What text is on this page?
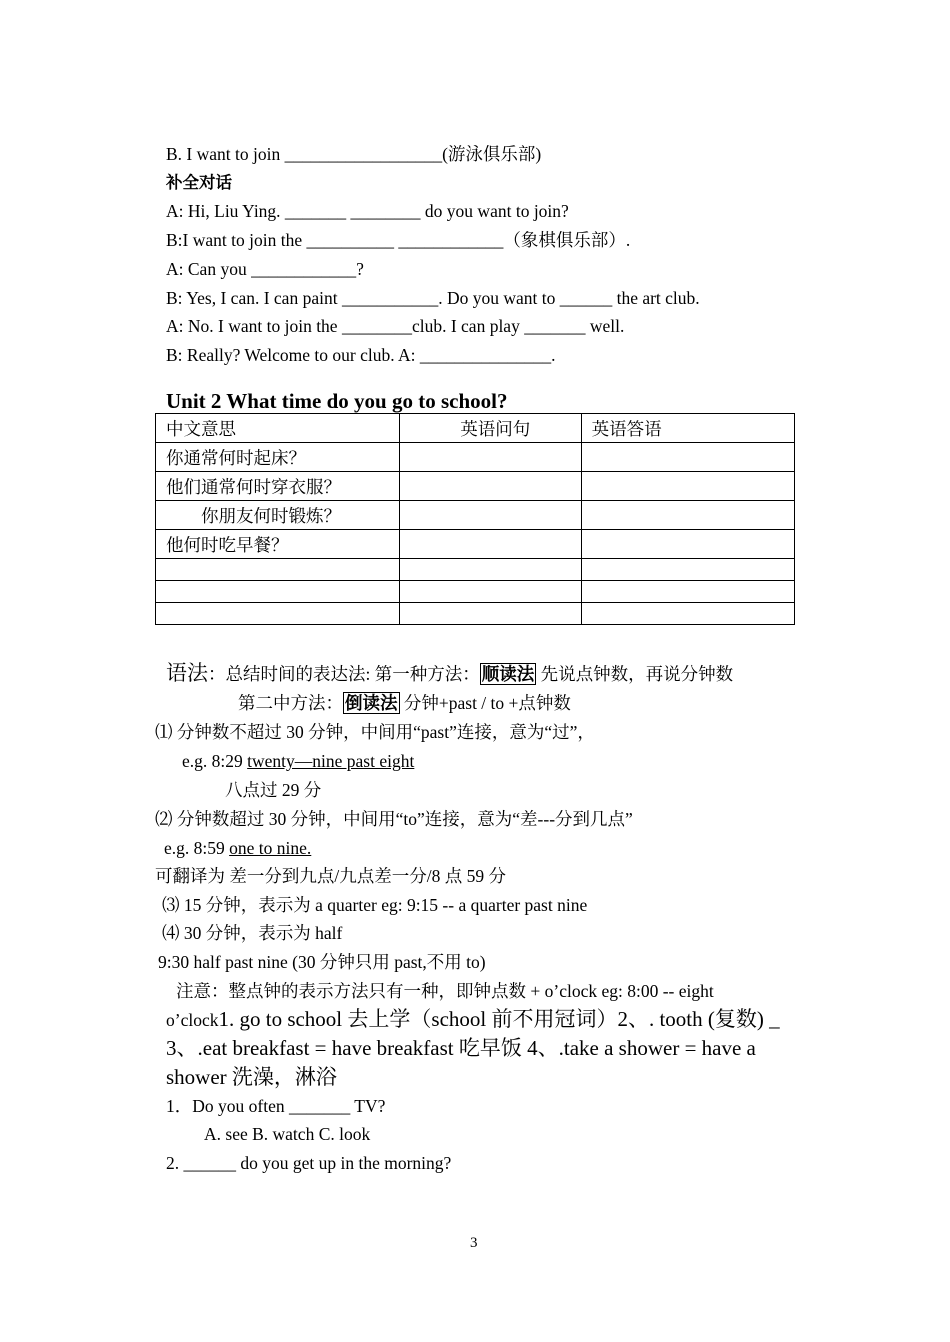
B. I want to join __________________(游泳俱乐部)
补全对话
A: Hi, Liu Ying. _______ ________ do you want to join?
B:I want to join the __________ ____________（象棋俱乐部）.
A: Can you ____________?
B: Yes, I can. I can paint ___________. Do you want to ______ the art club.
A: No. I want to join the ________club. I can play _______ well.
B: Really? Welcome to our club. A: _______________.
Unit 2 What time do you go to school?
中文意思	英语问句	英语答语
你通常何时起床？		
他们通常何时穿衣服？		
　　你朋友何时锻炼？		
他何时吃早餐？		

语法：总结时间的表达法: 第一种方法： 顺读法 先说点钟数，再说分钟数
第二中方法： 倒读法 分钟+past / to +点钟数
⑴ 分钟数不超过 30 分钟，中间用“past”连接，意为“过”，
e.g. 8:29 twenty—nine past eight
八点过 29 分
⑵ 分钟数超过 30 分钟，中间用“to”连接，意为“差---分到几点”
e.g. 8:59 one to nine.
可翻译为 差一分到九点/九点差一分/8 点 59 分
⑶ 15 分钟，表示为 a quarter eg: 9:15 -- a quarter past nine
⑷ 30 分钟，表示为 half
9:30 half past nine (30 分钟只用 past,不用 to)
注意：整点钟的表示方法只有一种，即钟点数 + o’clock eg: 8:00 -- eight
o’clock1. go to school 去上学（school 前不用冠词）2、. tooth (复数) _
3、.eat breakfast = have breakfast 吃早饭 4、.take a shower = have a
shower 洗澡，淋浴
1．Do you often _______ TV?
A. see B. watch C. look
2. ______ do you get up in the morning?
3
